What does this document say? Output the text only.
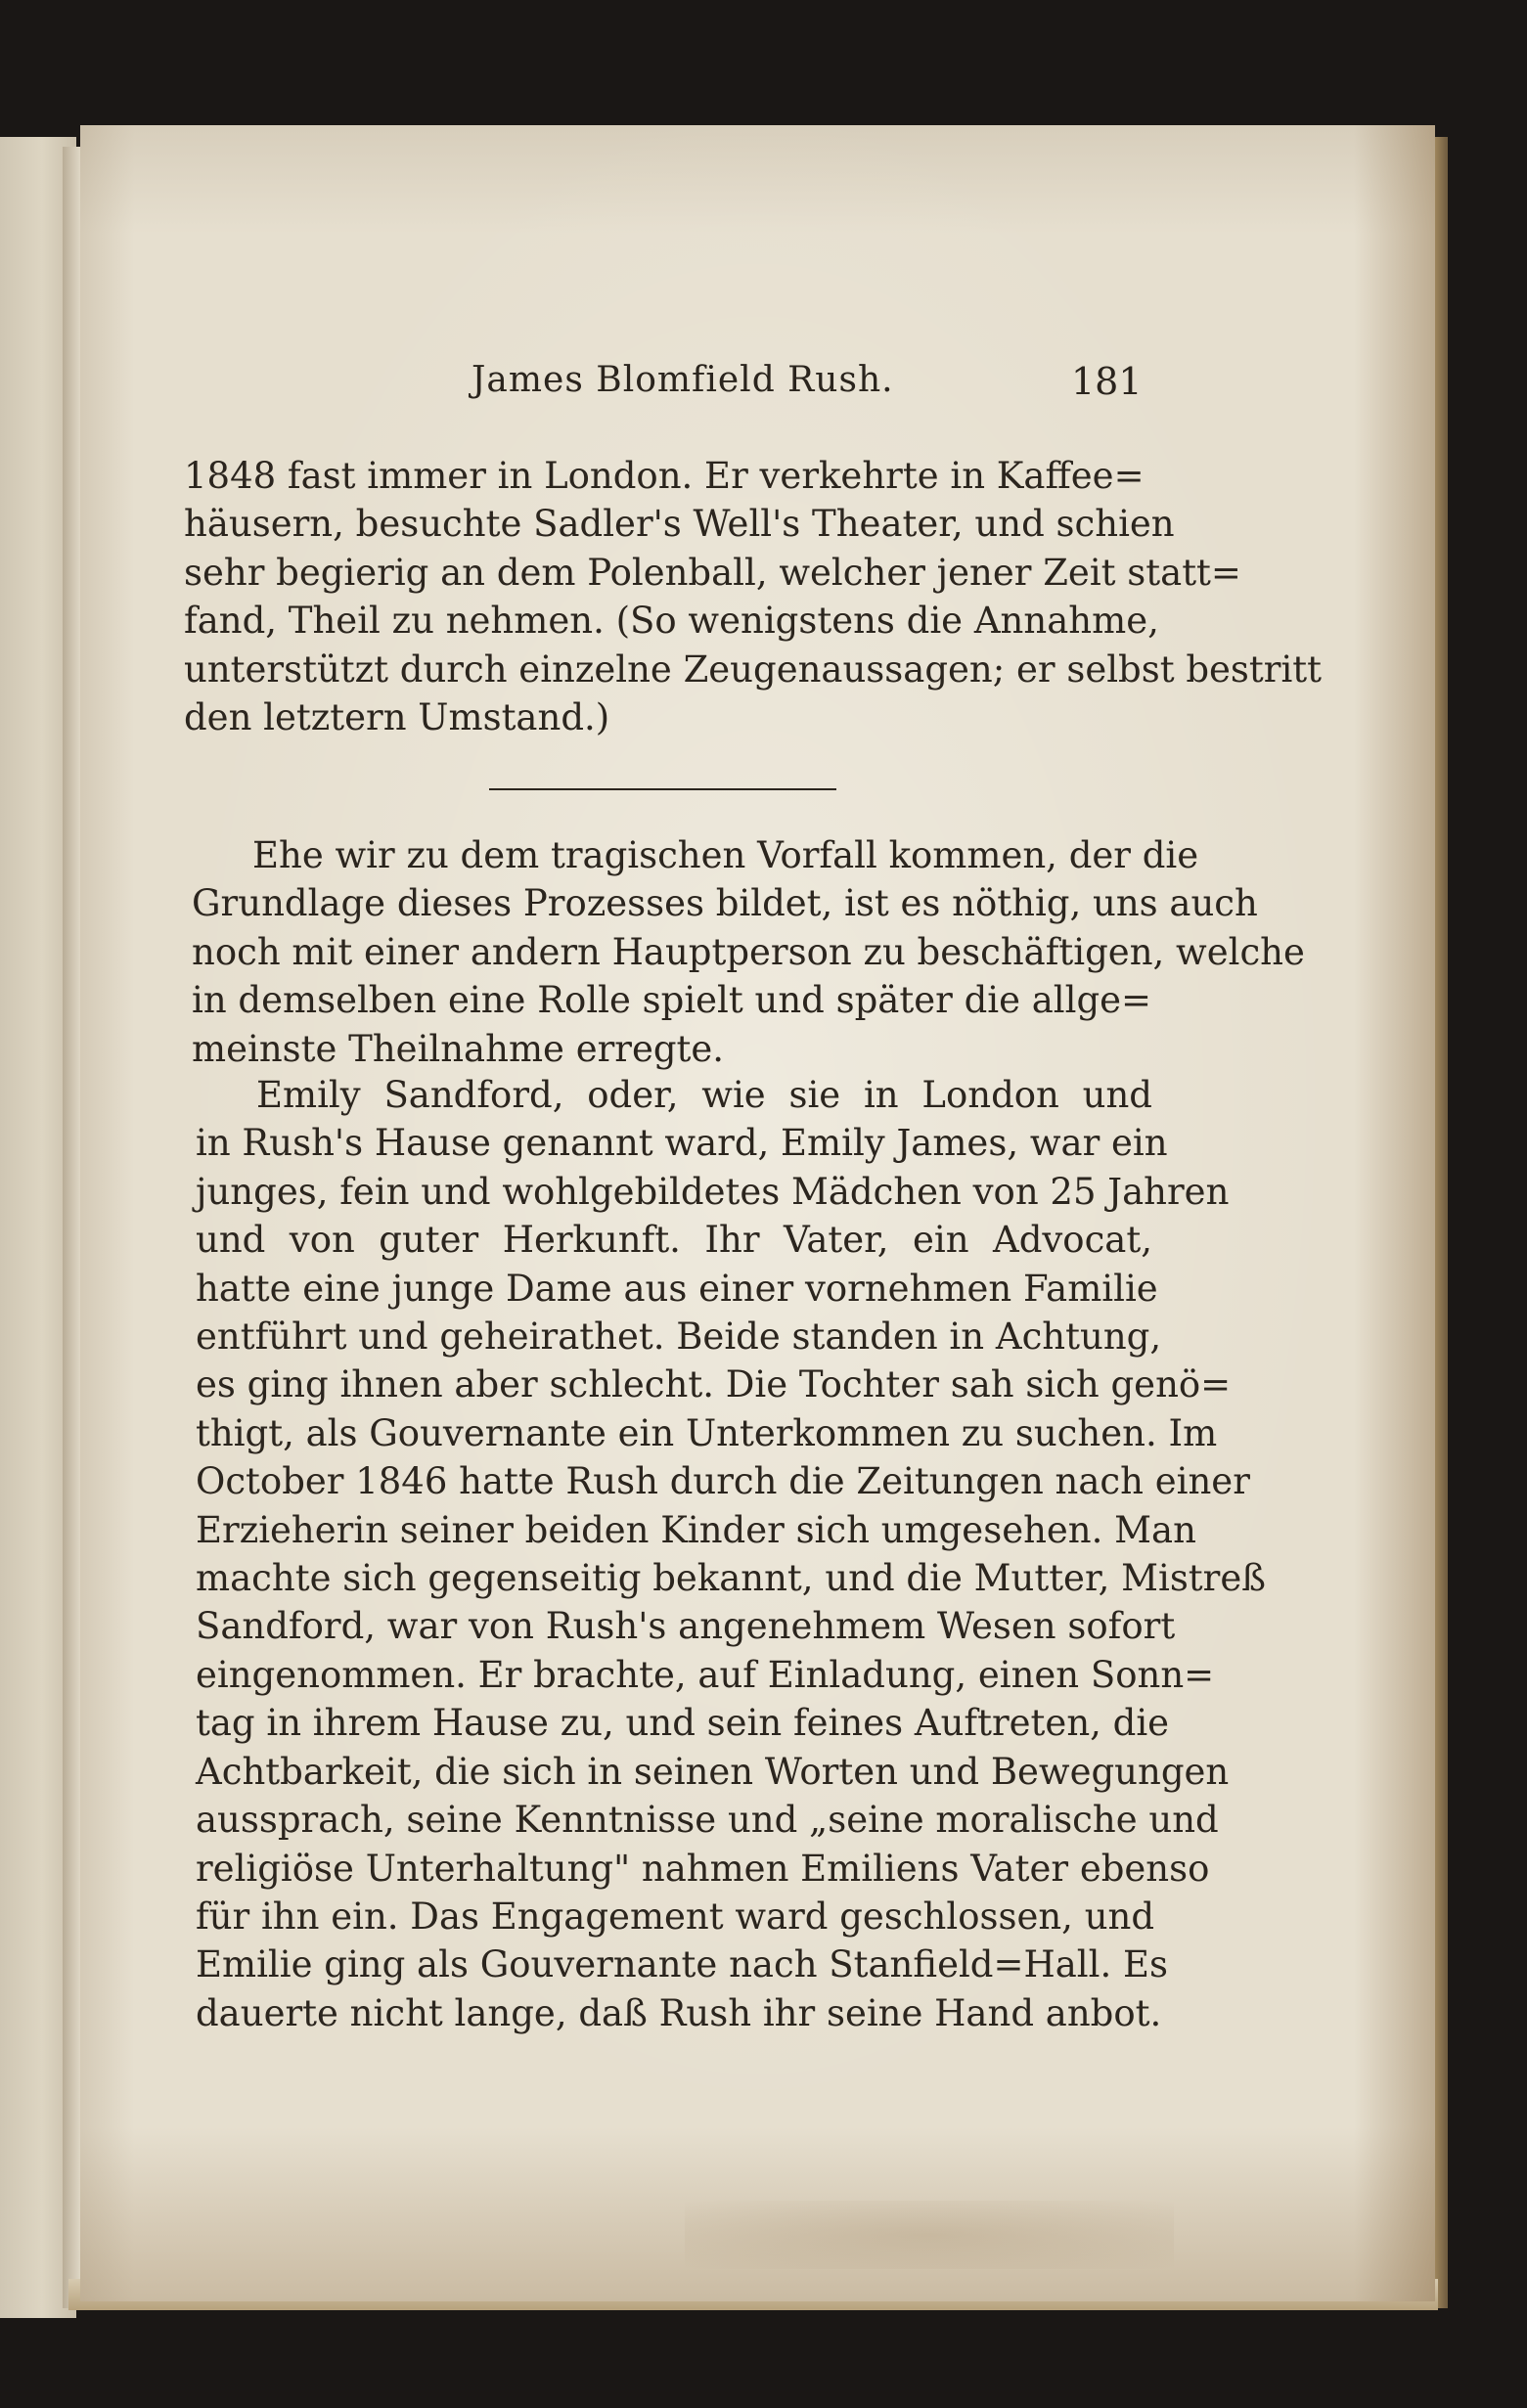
James Blomfield Rush.	181
1848 fast immer in London. Er verkehrte in Kaffee=
häusern, besuchte Sadler's Well's Theater, und schien
sehr begierig an dem Polenball, welcher jener Zeit statt=
fand, Theil zu nehmen. (So wenigstens die Annahme,
unterstützt durch einzelne Zeugenaussagen; er selbst bestritt
den letztern Umstand.)
Ehe wir zu dem tragischen Vorfall kommen, der die
Grundlage dieses Prozesses bildet, ist es nöthig, uns auch
noch mit einer andern Hauptperson zu beschäftigen, welche
in demselben eine Rolle spielt und später die allge=
meinste Theilnahme erregte.
Emily Sandford, oder, wie sie in London und
in Rush's Hause genannt ward, Emily James, war ein
junges, fein und wohlgebildetes Mädchen von 25 Jahren
und von guter Herkunft. Ihr Vater, ein Advocat,
hatte eine junge Dame aus einer vornehmen Familie
entführt und geheirathet. Beide standen in Achtung,
es ging ihnen aber schlecht. Die Tochter sah sich genö=
thigt, als Gouvernante ein Unterkommen zu suchen. Im
October 1846 hatte Rush durch die Zeitungen nach einer
Erzieherin seiner beiden Kinder sich umgesehen. Man
machte sich gegenseitig bekannt, und die Mutter, Mistreß
Sandford, war von Rush's angenehmem Wesen sofort
eingenommen. Er brachte, auf Einladung, einen Sonn=
tag in ihrem Hause zu, und sein feines Auftreten, die
Achtbarkeit, die sich in seinen Worten und Bewegungen
aussprach, seine Kenntnisse und „seine moralische und
religiöse Unterhaltung" nahmen Emiliens Vater ebenso
für ihn ein. Das Engagement ward geschlossen, und
Emilie ging als Gouvernante nach Stanfield=Hall. Es
dauerte nicht lange, daß Rush ihr seine Hand anbot.
